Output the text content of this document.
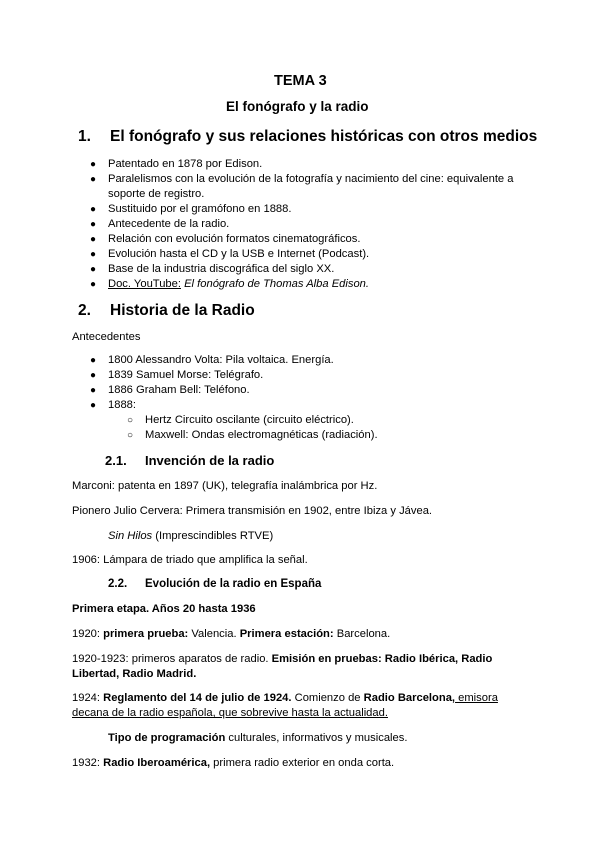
TEMA 3
El fonógrafo y la radio
1. El fonógrafo y sus relaciones históricas con otros medios
● Patentado en 1878 por Edison.
● Paralelismos con la evolución de la fotografía y nacimiento del cine: equivalente a
soporte de registro.
● Sustituido por el gramófono en 1888.
● Antecedente de la radio.
● Relación con evolución formatos cinematográficos.
● Evolución hasta el CD y la USB e Internet (Podcast).
● Base de la industria discográfica del siglo XX.
● Doc. YouTube: El fonógrafo de Thomas Alba Edison.
2. Historia de la Radio
Antecedentes
● 1800 Alessandro Volta: Pila voltaica. Energía.
● 1839 Samuel Morse: Telégrafo.
● 1886 Graham Bell: Teléfono.
● 1888:
○ Hertz Circuito oscilante (circuito eléctrico).
○ Maxwell: Ondas electromagnéticas (radiación).
2.1. Invención de la radio
Marconi: patenta en 1897 (UK), telegrafía inalámbrica por Hz.
Pionero Julio Cervera: Primera transmisión en 1902, entre Ibiza y Jávea.
Sin Hilos (Imprescindibles RTVE)
1906: Lámpara de triado que amplifica la señal.
2.2. Evolución de la radio en España
Primera etapa. Años 20 hasta 1936
1920: primera prueba: Valencia. Primera estación: Barcelona.
1920-1923: primeros aparatos de radio. Emisión en pruebas: Radio Ibérica, Radio
Libertad, Radio Madrid.
1924: Reglamento del 14 de julio de 1924. Comienzo de Radio Barcelona, emisora
decana de la radio española, que sobrevive hasta la actualidad.
Tipo de programación culturales, informativos y musicales.
1932: Radio Iberoamérica, primera radio exterior en onda corta.
